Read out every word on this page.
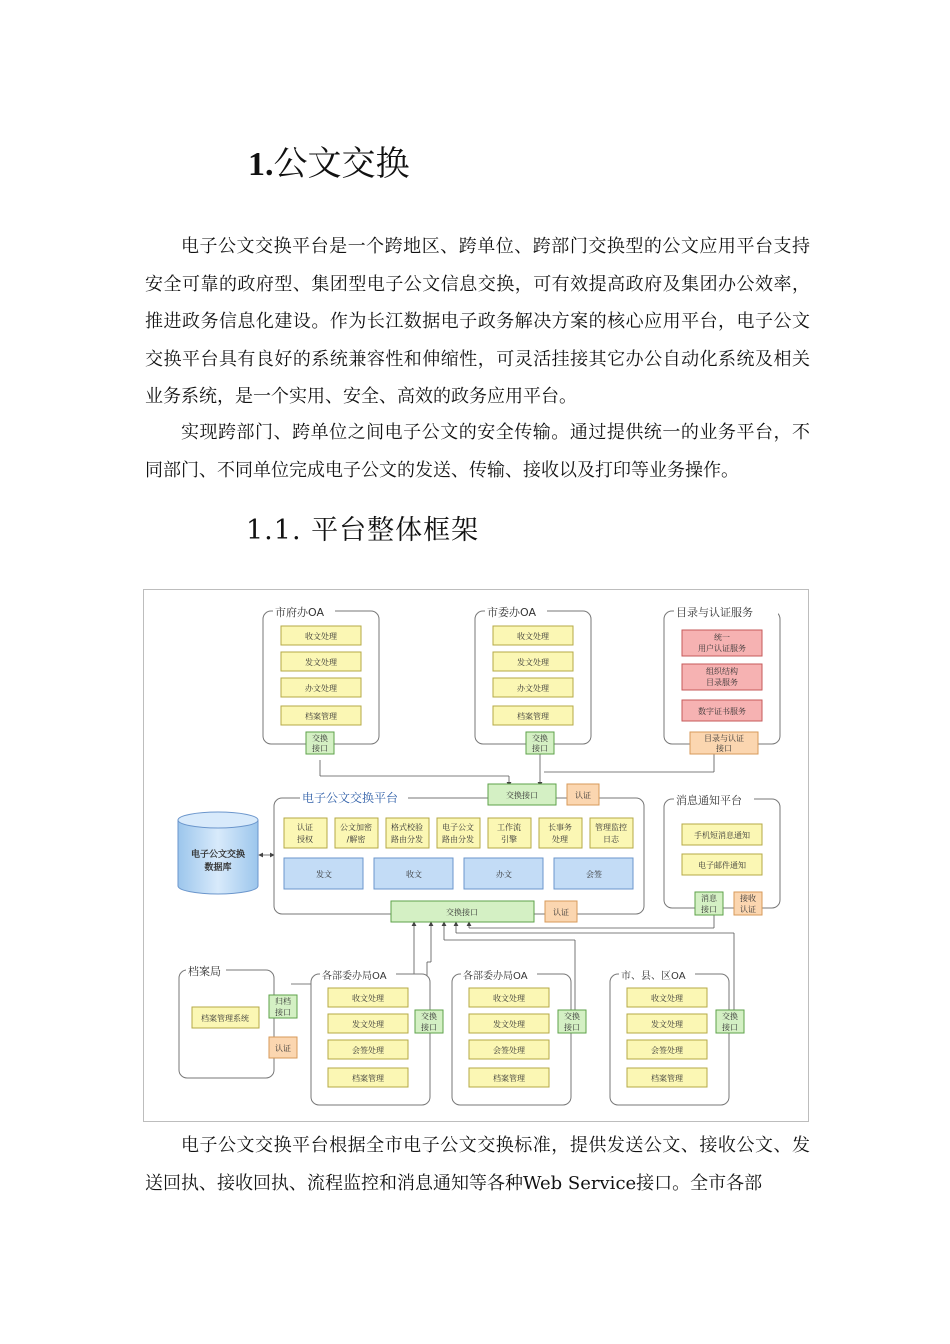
1.公文交换
电子公文交换平台是一个跨地区、跨单位、跨部门交换型的公文应用平台支持安全可靠的政府型、集团型电子公文信息交换，可有效提高政府及集团办公效率，推进政务信息化建设。作为长江数据电子政务解决方案的核心应用平台，电子公文交换平台具有良好的系统兼容性和伸缩性，可灵活挂接其它办公自动化系统及相关业务系统，是一个实用、安全、高效的政务应用平台。
实现跨部门、跨单位之间电子公文的安全传输。通过提供统一的业务平台，不同部门、不同单位完成电子公文的发送、传输、接收以及打印等业务操作。
1.1. 平台整体框架
市府办OA	市委办OA	目录与认证服务
消息通知平台
档案局	各部委办局OA	各部委办局OA	市、县、区OA
电子公文交换平台
收文处理
发文处理
办文处理
档案管理
交换
接口
收文处理
发文处理
办文处理
档案管理
交换
接口
统一
用户认证服务
组织结构
目录服务
数字证书服务
目录与认证
接口
交换接口	认证
认证
授权
公文加密
/解密
格式校验
路由分发
电子公文
路由分发
工作流
引擎
长事务
处理
管理监控
日志
发文	收文	办文	会签
交换接口	认证
电子公文交换
数据库
手机短消息通知
电子邮件通知
消息
接口
接收
认证
档案管理系统
归档
接口
认证
收文处理
发文处理
会签处理
档案管理
交换
接口
收文处理
发文处理
会签处理
档案管理
交换
接口
收文处理
发文处理
会签处理
档案管理
交换
接口
电子公文交换平台根据全市电子公文交换标准，提供发送公文、接收公文、发送回执、接收回执、流程监控和消息通知等各种Web Service接口。全市各部
